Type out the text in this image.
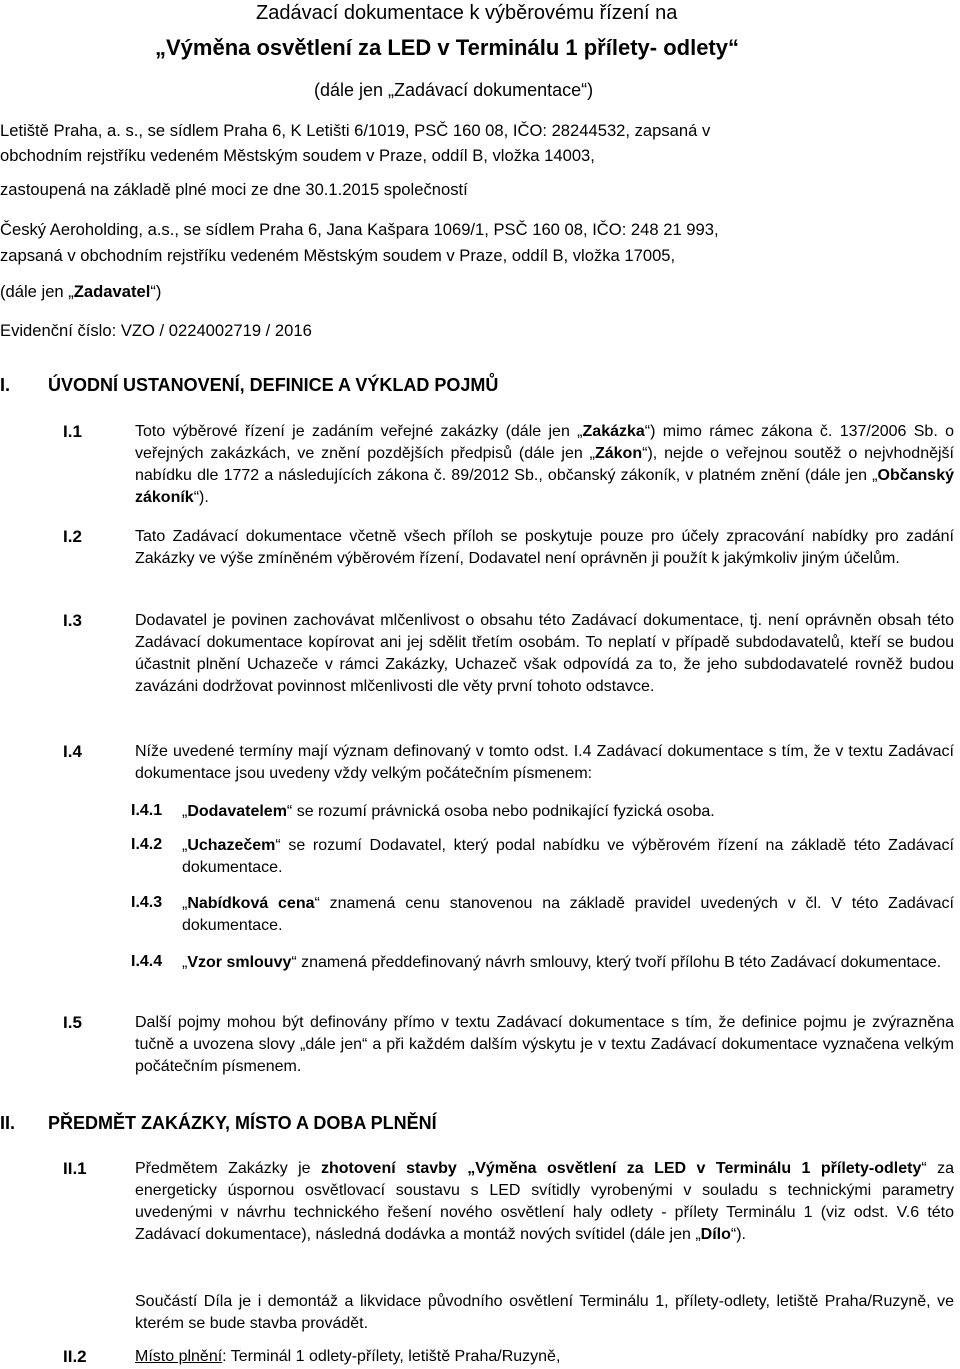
Zadávací dokumentace k výběrovému řízení na
„Výměna osvětlení za LED v Terminálu 1 přílety- odlety“
(dále jen „Zadávací dokumentace“)
Letiště Praha, a. s., se sídlem Praha 6, K Letišti 6/1019, PSČ 160 08, IČO: 28244532, zapsaná v
obchodním rejstříku vedeném Městským soudem v Praze, oddíl B, vložka 14003,
zastoupená na základě plné moci ze dne 30.1.2015 společností
Český Aeroholding, a.s., se sídlem Praha 6, Jana Kašpara 1069/1, PSČ 160 08, IČO: 248 21 993,
zapsaná v obchodním rejstříku vedeném Městským soudem v Praze, oddíl B, vložka 17005,
(dále jen „Zadavatel“)
Evidenční číslo: VZO / 0224002719 / 2016
I. ÚVODNÍ USTANOVENÍ, DEFINICE A VÝKLAD POJMŮ
I.1	Toto výběrové řízení je zadáním veřejné zakázky (dále jen „Zakázka“) mimo rámec zákona č. 137/2006 Sb. o veřejných zakázkách, ve znění pozdějších předpisů (dále jen „Zákon“), nejde o veřejnou soutěž o nejvhodnější nabídku dle 1772 a následujících zákona č. 89/2012 Sb., občanský zákoník, v platném znění (dále jen „Občanský zákoník“).
I.2	Tato Zadávací dokumentace včetně všech příloh se poskytuje pouze pro účely zpracování nabídky pro zadání Zakázky ve výše zmíněném výběrovém řízení, Dodavatel není oprávněn ji použít k jakýmkoliv jiným účelům.
I.3	Dodavatel je povinen zachovávat mlčenlivost o obsahu této Zadávací dokumentace, tj. není oprávněn obsah této Zadávací dokumentace kopírovat ani jej sdělit třetím osobám. To neplatí v případě subdodavatelů, kteří se budou účastnit plnění Uchazeče v rámci Zakázky, Uchazeč však odpovídá za to, že jeho subdodavatelé rovněž budou zavázáni dodržovat povinnost mlčenlivosti dle věty první tohoto odstavce.
I.4	Níže uvedené termíny mají význam definovaný v tomto odst. I.4 Zadávací dokumentace s tím, že v textu Zadávací dokumentace jsou uvedeny vždy velkým počátečním písmenem:
I.4.1 „Dodavatelem“ se rozumí právnická osoba nebo podnikající fyzická osoba.
I.4.2 „Uchazečem“ se rozumí Dodavatel, který podal nabídku ve výběrovém řízení na základě této Zadávací dokumentace.
I.4.3 „Nabídková cena“ znamená cenu stanovenou na základě pravidel uvedených v čl. V této Zadávací dokumentace.
I.4.4 „Vzor smlouvy“ znamená předdefinovaný návrh smlouvy, který tvoří přílohu B této Zadávací dokumentace.
I.5	Další pojmy mohou být definovány přímo v textu Zadávací dokumentace s tím, že definice pojmu je zvýrazněna tučně a uvozena slovy „dále jen“ a při každém dalším výskytu je v textu Zadávací dokumentace vyznačena velkým počátečním písmenem.
II. PŘEDMĚT ZAKÁZKY, MÍSTO A DOBA PLNĚNÍ
II.1	Předmětem Zakázky je zhotovení stavby „Výměna osvětlení za LED v Terminálu 1 přílety-odlety“ za energeticky úspornou osvětlovací soustavu s LED svítidly vyrobenými v souladu s technickými parametry uvedenými v návrhu technického řešení nového osvětlení haly odlety - přílety Terminálu 1 (viz odst. V.6 této Zadávací dokumentace), následná dodávka a montáž nových svítidel (dále jen „Dílo“).
Součástí Díla je i demontáž a likvidace původního osvětlení Terminálu 1, přílety-odlety, letiště Praha/Ruzyně, ve kterém se bude stavba provádět.
II.2	Místo plnění: Terminál 1 odlety-přílety, letiště Praha/Ruzyně,
